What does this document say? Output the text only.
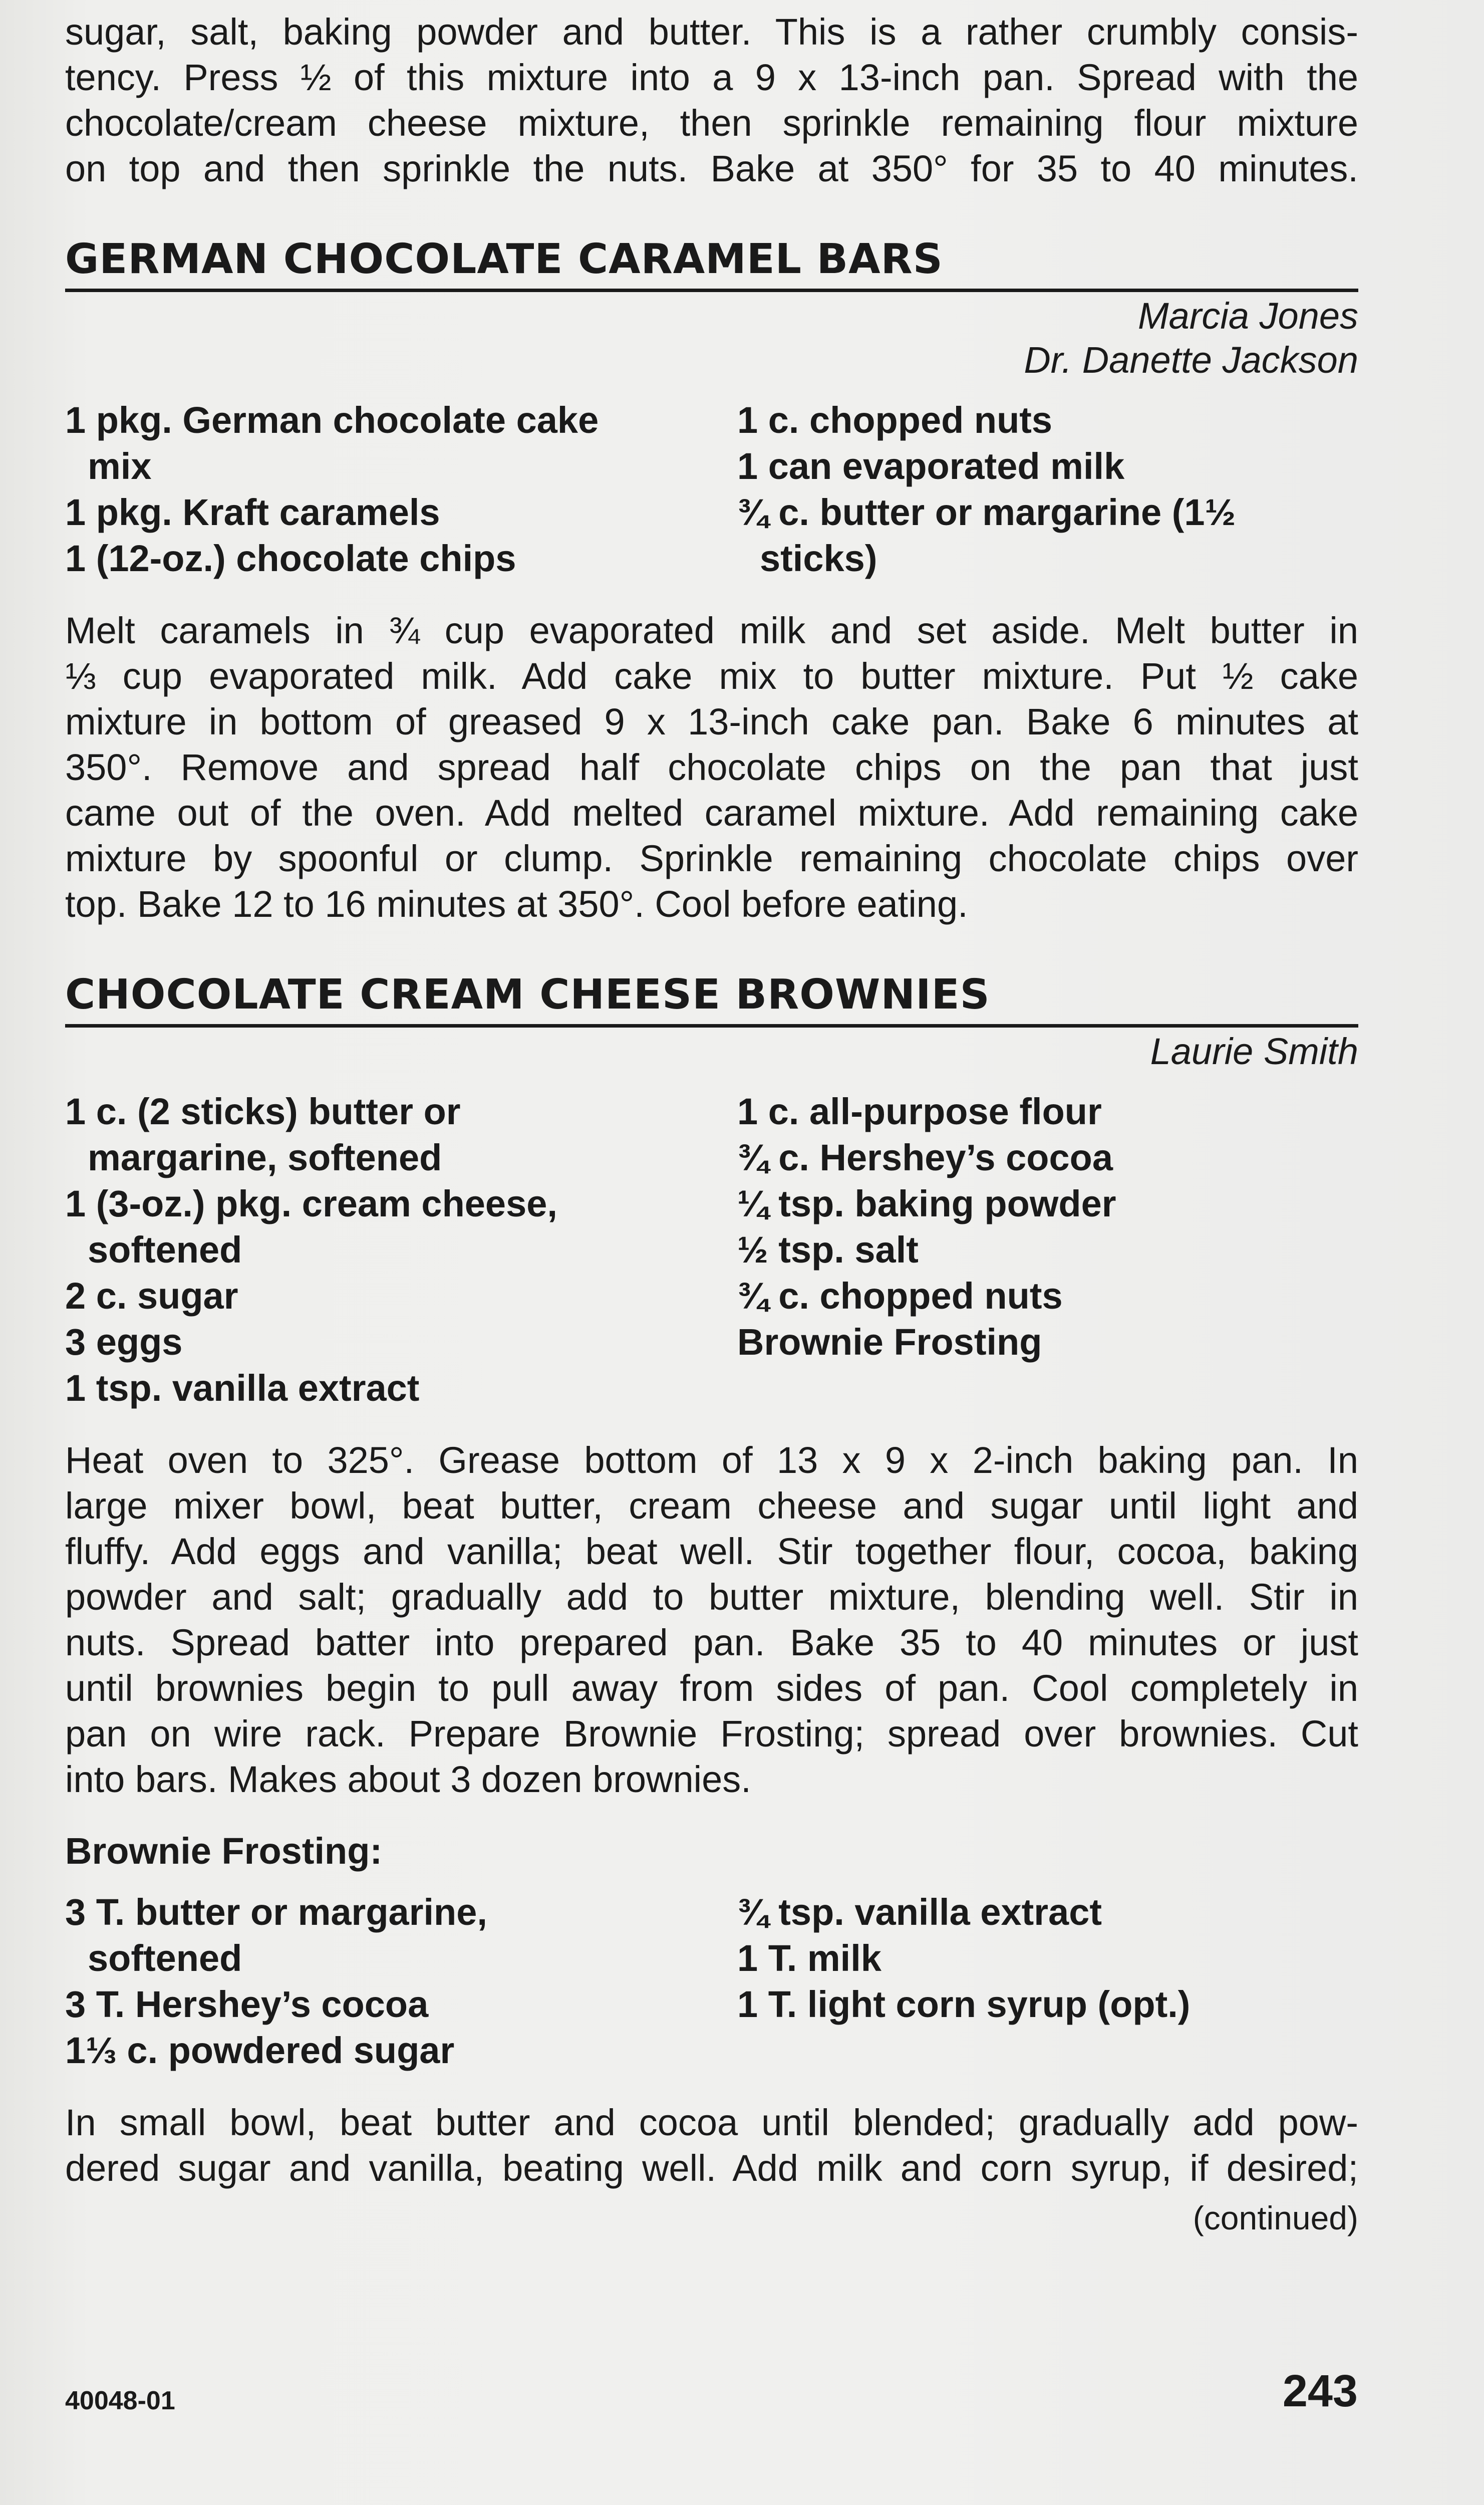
sugar, salt, baking powder and butter. This is a rather crumbly consis-
tency. Press ½ of this mixture into a 9 x 13-inch pan. Spread with the
chocolate/cream cheese mixture, then sprinkle remaining flour mixture
on top and then sprinkle the nuts. Bake at 350° for 35 to 40 minutes.
GERMAN CHOCOLATE CARAMEL BARS

Marcia Jones

Dr. Danette Jackson

1 pkg. German chocolate cake
mix

1 pkg. Kraft caramels

1 (12-oz.) chocolate chips

1 c. chopped nuts

1 can evaporated milk

¾ c. butter or margarine (1½
sticks)

Melt caramels in ¾ cup evaporated milk and set aside. Melt butter in
⅓ cup evaporated milk. Add cake mix to butter mixture. Put ½ cake
mixture in bottom of greased 9 x 13-inch cake pan. Bake 6 minutes at
350°. Remove and spread half chocolate chips on the pan that just
came out of the oven. Add melted caramel mixture. Add remaining cake
mixture by spoonful or clump. Sprinkle remaining chocolate chips over
top. Bake 12 to 16 minutes at 350°. Cool before eating.
CHOCOLATE CREAM CHEESE BROWNIES

Laurie Smith

1 c. (2 sticks) butter or
margarine, softened

1 (3-oz.) pkg. cream cheese,
softened

2 c. sugar

3 eggs

1 tsp. vanilla extract

1 c. all-purpose flour

¾ c. Hershey’s cocoa

¼ tsp. baking powder

½ tsp. salt

¾ c. chopped nuts

Brownie Frosting

Heat oven to 325°. Grease bottom of 13 x 9 x 2-inch baking pan. In
large mixer bowl, beat butter, cream cheese and sugar until light and
fluffy. Add eggs and vanilla; beat well. Stir together flour, cocoa, baking
powder and salt; gradually add to butter mixture, blending well. Stir in
nuts. Spread batter into prepared pan. Bake 35 to 40 minutes or just
until brownies begin to pull away from sides of pan. Cool completely in
pan on wire rack. Prepare Brownie Frosting; spread over brownies. Cut
into bars. Makes about 3 dozen brownies.

Brownie Frosting:

3 T. butter or margarine,
softened

3 T. Hershey’s cocoa

1⅓ c. powdered sugar

¾ tsp. vanilla extract

1 T. milk

1 T. light corn syrup (opt.)

In small bowl, beat butter and cocoa until blended; gradually add pow-
dered sugar and vanilla, beating well. Add milk and corn syrup, if desired;

(continued)

40048-01	243
